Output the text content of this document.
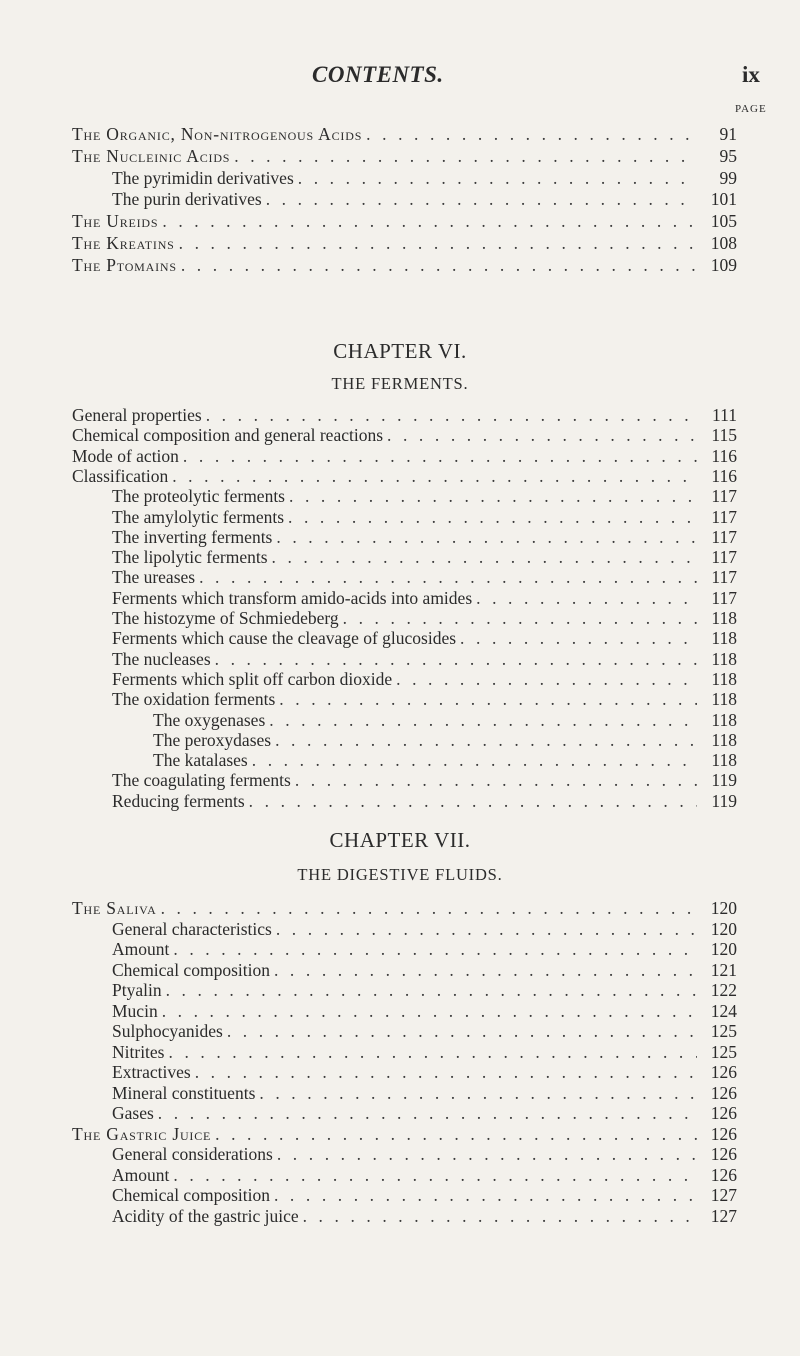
CONTENTS.	ix
PAGE
The Organic, Non-nitrogenous Acids . . .	91
The Nucleinic Acids . . .	95
The pyrimidin derivatives . . .	99
The purin derivatives . . .	101
The Ureids . . .	105
The Kreatins . . .	108
The Ptomains . . .	109
CHAPTER VI.
THE FERMENTS.
General properties . . .	111
Chemical composition and general reactions . . .	115
Mode of action . . .	116
Classification . . .	116
The proteolytic ferments . . .	117
The amylolytic ferments . . .	117
The inverting ferments . . .	117
The lipolytic ferments . . .	117
The ureases . . .	117
Ferments which transform amido-acids into amides . . .	117
The histozyme of Schmiedeberg . . .	118
Ferments which cause the cleavage of glucosides . . .	118
The nucleases . . .	118
Ferments which split off carbon dioxide . . .	118
The oxidation ferments . . .	118
The oxygenases . . .	118
The peroxydases . . .	118
The katalases . . .	118
The coagulating ferments . . .	119
Reducing ferments . . .	119
CHAPTER VII.
THE DIGESTIVE FLUIDS.
The Saliva . . .	120
General characteristics . . .	120
Amount . . .	120
Chemical composition . . .	121
Ptyalin . . .	122
Mucin . . .	124
Sulphocyanides . . .	125
Nitrites . . .	125
Extractives . . .	126
Mineral constituents . . .	126
Gases . . .	126
The Gastric Juice . . .	126
General considerations . . .	126
Amount . . .	126
Chemical composition . . .	127
Acidity of the gastric juice . . .	127
